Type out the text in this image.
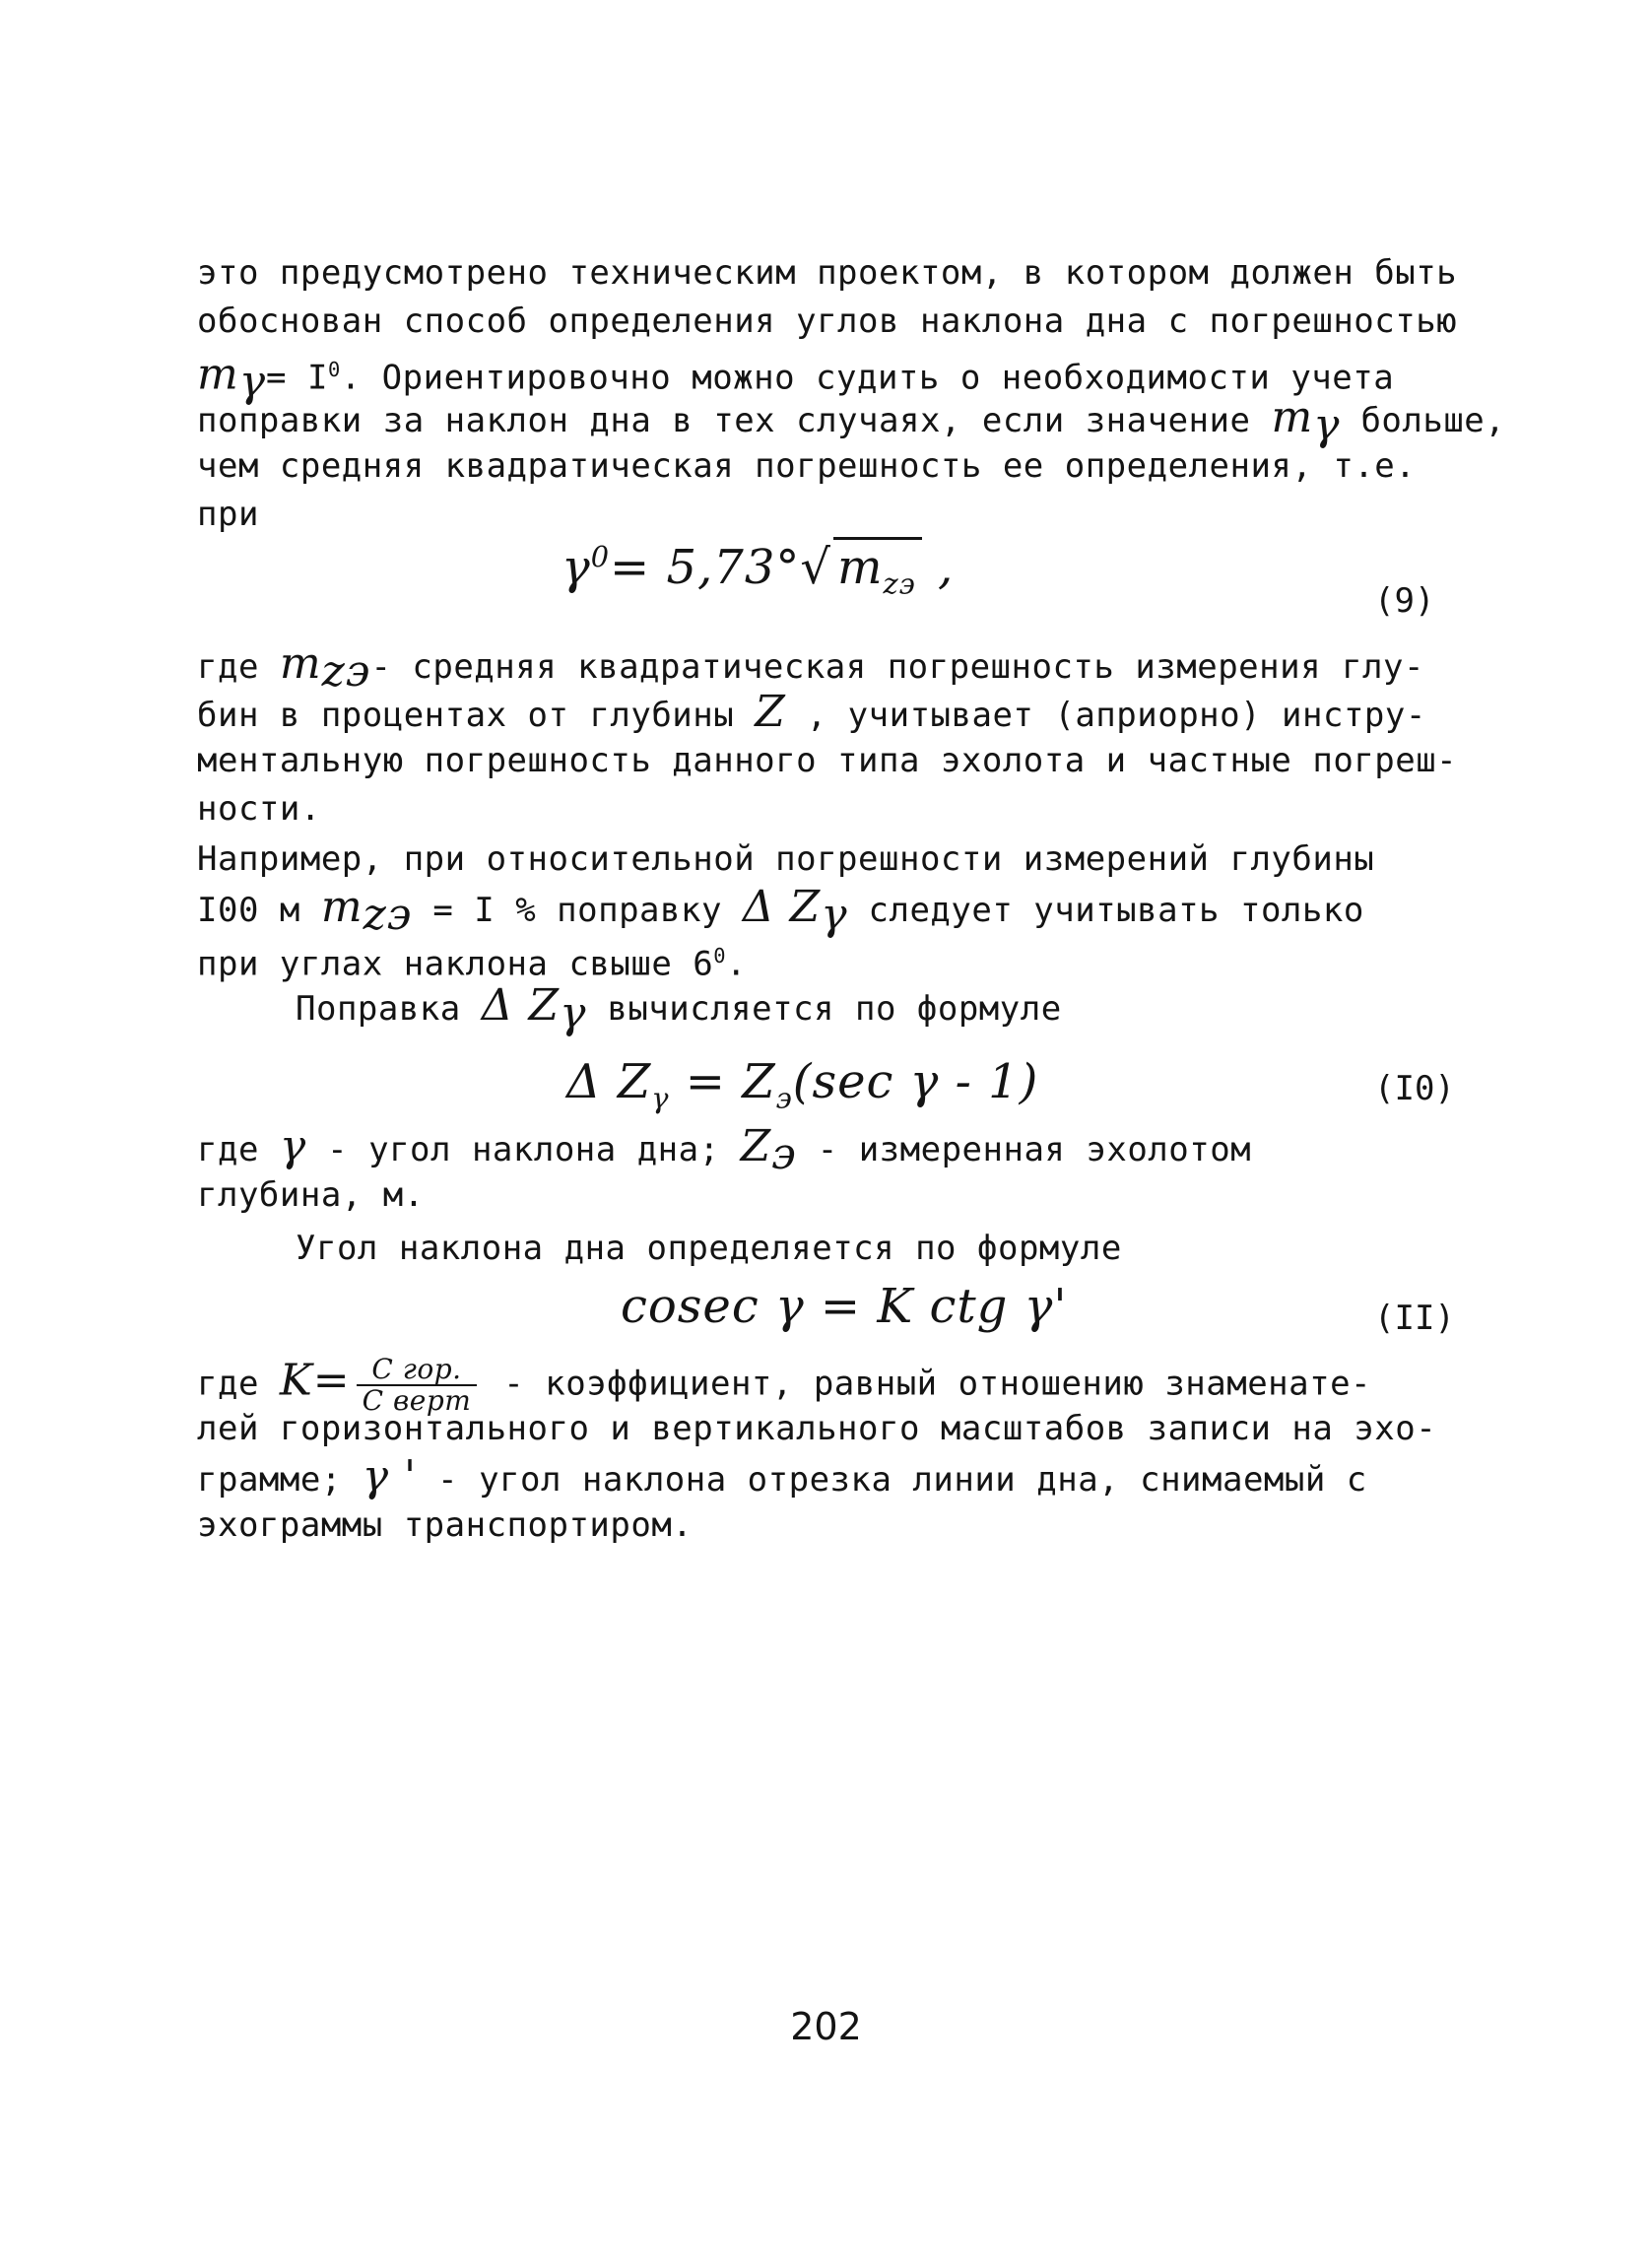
это предусмотрено техническим проектом, в котором должен быть
обоснован способ определения углов наклона дна с погрешностью
$m_\gamma= I^0$. Ориентировочно можно судить о необходимости учета
поправки за наклон дна в тех случаях, если значение $m_\gamma$ больше,
чем средняя квадратическая погрешность ее определения, т.е.
при
$\gamma^0= 5,73^\circ√$ $m_{zэ}$ ,
(9)
где $m_{zэ}-$ средняя квадратическая погрешность измерения глу-
бин в процентах от глубины Z , учитывает (априорно) инстру-
ментальную погрешность данного типа эхолота и частные погреш-
ности.
Например, при относительной погрешности измерений глубины
I00 м $m_{zэ} = I$ % поправку Δ $Z_\gamma$ следует учитывать только
при углах наклона свыше $6^0$.
Поправка Δ $Z_\gamma$ вычисляется по формуле
Δ $Z_\gamma = Z_э(\sec$ γ - 1)	(I0)
где γ - угол наклона дна; $Z_э$ - измеренная эхолотом
глубина, м.
Угол наклона дна определяется по формуле
cosec γ = K ctg γ'	(II)
где $K= \frac{\text{C гор.}}{\text{C верт}}$ - коэффициент, равный отношению знаменате-
лей горизонтального и вертикального масштабов записи на эхо-
грамме; γ ' - угол наклона отрезка линии дна, снимаемый с
эхограммы транспортиром.
202
